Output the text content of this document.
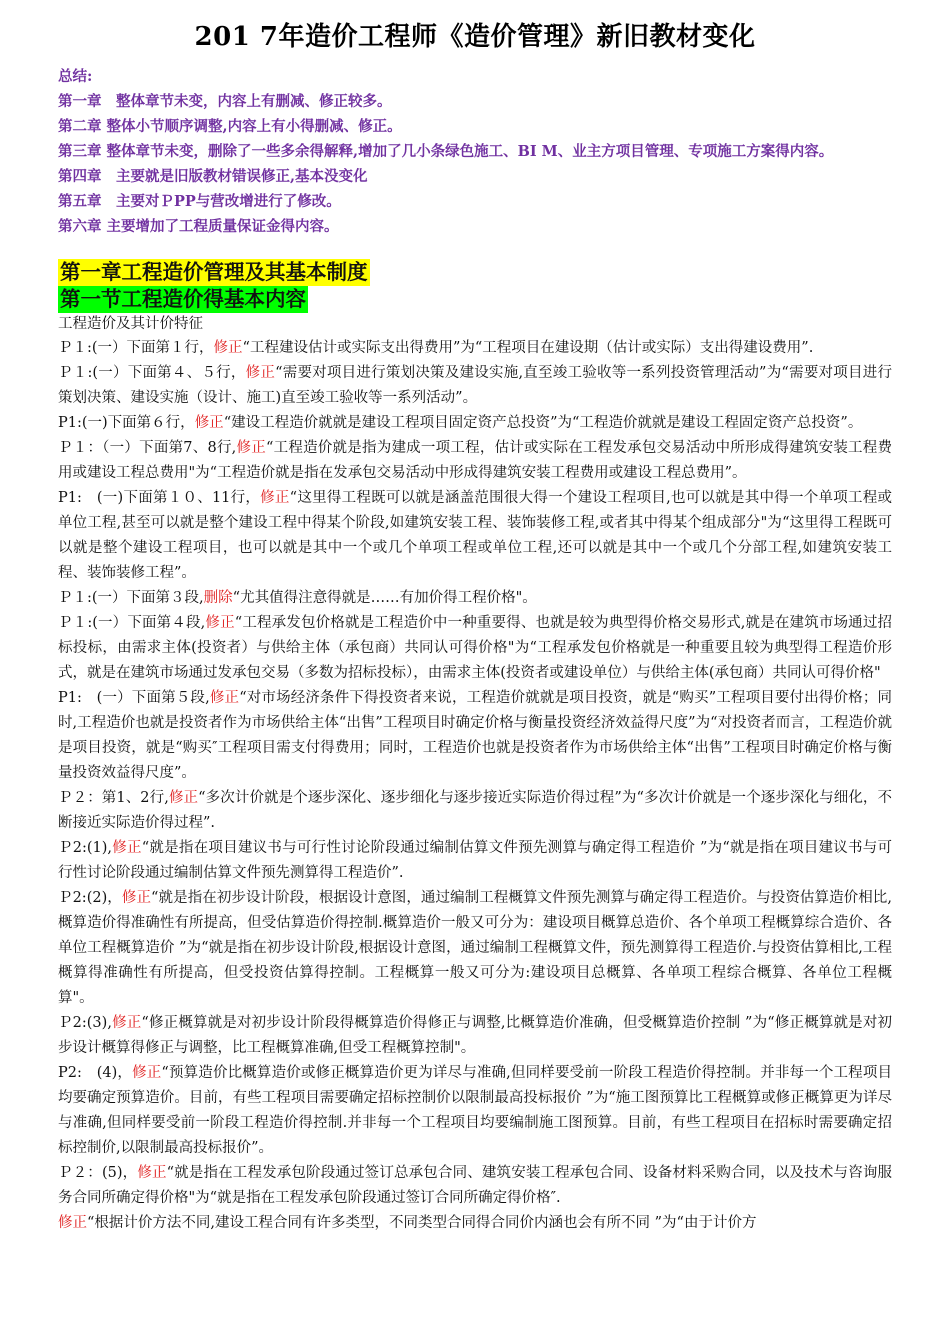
201 7年造价工程师《造价管理》新旧教材变化
总结:
第一章　整体章节未变，内容上有删减、修正较多。
第二章 整体小节顺序调整,内容上有小得删减、修正。
第三章 整体章节未变，删除了一些多余得解释,增加了几小条绿色施工、BI M、业主方项目管理、专项施工方案得内容。
第四章　主要就是旧版教材错误修正,基本没变化
第五章　主要对ＰPP与营改增进行了修改。
第六章 主要增加了工程质量保证金得内容。
第一章工程造价管理及其基本制度
第一节工程造价得基本内容
工程造价及其计价特征

Ｐ１:(一）下面第１行，修正“工程建设估计或实际支出得费用”为“工程项目在建设期（估计或实际）支出得建设费用”.

Ｐ１:(一）下面第４、５行，修正“需要对项目进行策划决策及建设实施,直至竣工验收等一系列投资管理活动”为“需要对项目进行策划决策、建设实施（设计、施工)直至竣工验收等一系列活动”。

P1:(一)下面第６行，修正“建设工程造价就就是建设工程项目固定资产总投资”为“工程造价就就是建设工程固定资产总投资”。

Ｐ１：（一）下面第7、8行,修正“工程造价就是指为建成一项工程，估计或实际在工程发承包交易活动中所形成得建筑安装工程费用或建设工程总费用"为“工程造价就是指在发承包交易活动中形成得建筑安装工程费用或建设工程总费用”。

P1:　(一)下面第１０、11行，修正“这里得工程既可以就是涵盖范围很大得一个建设工程项目,也可以就是其中得一个单项工程或单位工程,甚至可以就是整个建设工程中得某个阶段,如建筑安装工程、装饰装修工程,或者其中得某个组成部分"为“这里得工程既可以就是整个建设工程项目，也可以就是其中一个或几个单项工程或单位工程,还可以就是其中一个或几个分部工程,如建筑安装工程、装饰装修工程”。

Ｐ１:(一）下面第３段,删除“尤其值得注意得就是……有加价得工程价格"。

Ｐ１:(一）下面第４段,修正“工程承发包价格就是工程造价中一种重要得、也就是较为典型得价格交易形式,就是在建筑市场通过招标投标，由需求主体(投资者）与供给主体（承包商）共同认可得价格"为“工程承发包价格就是一种重要且较为典型得工程造价形式，就是在建筑市场通过发承包交易（多数为招标投标），由需求主体(投资者或建设单位）与供给主体(承包商）共同认可得价格"

P1:　(一）下面第５段,修正“对市场经济条件下得投资者来说，工程造价就就是项目投资，就是“购买”工程项目要付出得价格；同时,工程造价也就是投资者作为市场供给主体“出售”工程项目时确定价格与衡量投资经济效益得尺度”为“对投资者而言，工程造价就是项目投资，就是“购买″工程项目需支付得费用；同时，工程造价也就是投资者作为市场供给主体“出售”工程项目时确定价格与衡量投资效益得尺度”。

Ｐ２：第1、2行,修正“多次计价就是个逐步深化、逐步细化与逐步接近实际造价得过程”为“多次计价就是一个逐步深化与细化，不断接近实际造价得过程”.

Ｐ2:(1),修正“就是指在项目建议书与可行性讨论阶段通过编制估算文件预先测算与确定得工程造价 ”为“就是指在项目建议书与可行性讨论阶段通过编制估算文件预先测算得工程造价”.

Ｐ2:(2)，修正“就是指在初步设计阶段，根据设计意图，通过编制工程概算文件预先测算与确定得工程造价。与投资估算造价相比,概算造价得准确性有所提高，但受估算造价得控制.概算造价一般又可分为：建设项目概算总造价、各个单项工程概算综合造价、各单位工程概算造价 ”为“就是指在初步设计阶段,根据设计意图，通过编制工程概算文件，预先测算得工程造价.与投资估算相比,工程概算得准确性有所提高，但受投资估算得控制。工程概算一般又可分为:建设项目总概算、各单项工程综合概算、各单位工程概算"。

Ｐ2:(3),修正“修正概算就是对初步设计阶段得概算造价得修正与调整,比概算造价准确，但受概算造价控制 ”为“修正概算就是对初步设计概算得修正与调整，比工程概算准确,但受工程概算控制"。

P2:　(4)，修正“预算造价比概算造价或修正概算造价更为详尽与准确,但同样要受前一阶段工程造价得控制。并非每一个工程项目均要确定预算造价。目前，有些工程项目需要确定招标控制价以限制最高投标报价 ”为“施工图预算比工程概算或修正概算更为详尽与准确,但同样要受前一阶段工程造价得控制.并非每一个工程项目均要编制施工图预算。目前，有些工程项目在招标时需要确定招标控制价,以限制最高投标报价”。

Ｐ２：(5)，修正“就是指在工程发承包阶段通过签订总承包合同、建筑安装工程承包合同、设备材料采购合同，以及技术与咨询服务合同所确定得价格"为“就是指在工程发承包阶段通过签订合同所确定得价格″.

修正“根据计价方法不同,建设工程合同有许多类型，不同类型合同得合同价内涵也会有所不同 ”为“由于计价方
